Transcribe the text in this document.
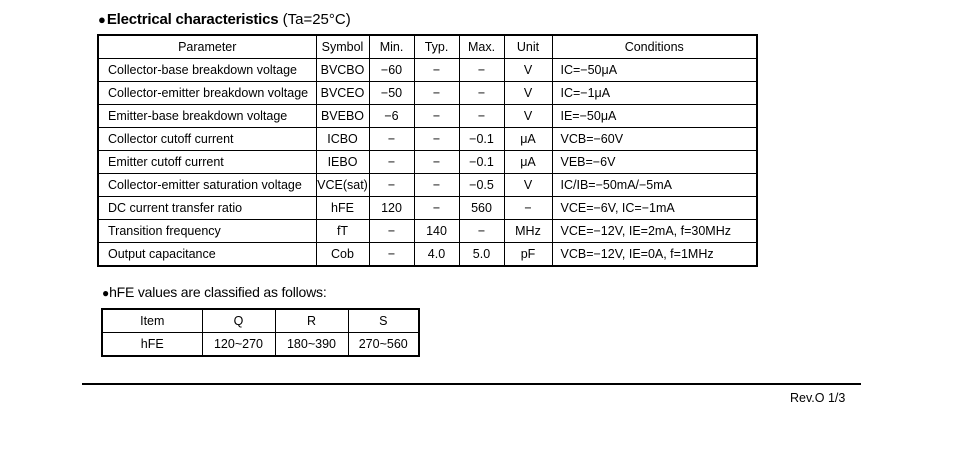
●Electrical characteristics (Ta=25°C)
Parameter	Symbol	Min.	Typ.	Max.	Unit	Conditions
Collector-base breakdown voltage	BVCBO	−60	−	−	V	IC=−50μA
Collector-emitter breakdown voltage	BVCEO	−50	−	−	V	IC=−1μA
Emitter-base breakdown voltage	BVEBO	−6	−	−	V	IE=−50μA
Collector cutoff current	ICBO	−	−	−0.1	μA	VCB=−60V
Emitter cutoff current	IEBO	−	−	−0.1	μA	VEB=−6V
Collector-emitter saturation voltage	VCE(sat)	−	−	−0.5	V	IC/IB=−50mA/−5mA
DC current transfer ratio	hFE	120	−	560	−	VCE=−6V, IC=−1mA
Transition frequency	fT	−	140	−	MHz	VCE=−12V, IE=2mA, f=30MHz
Output capacitance	Cob	−	4.0	5.0	pF	VCB=−12V, IE=0A, f=1MHz
●hFE values are classified as follows:
Item	Q	R	S
hFE	120~270	180~390	270~560
Rev.O 1/3
